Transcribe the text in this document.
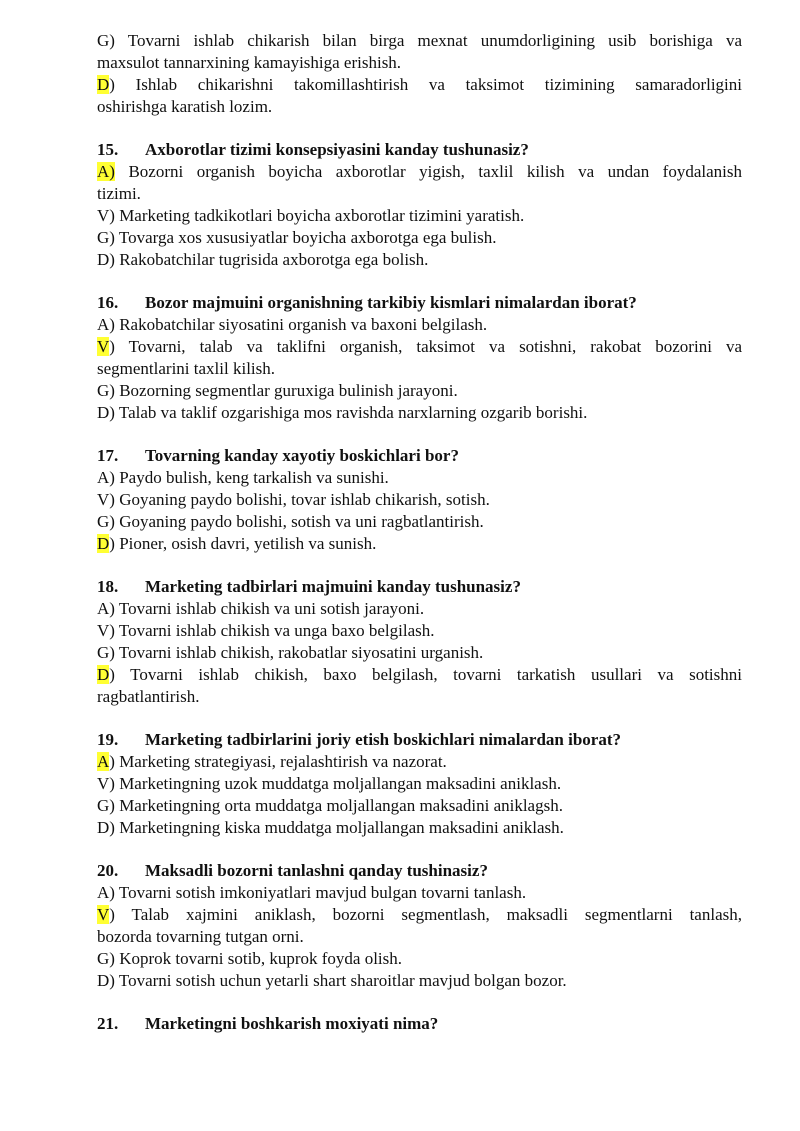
G) Tovarni ishlab chikarish bilan birga mexnat unumdorligining usib borishiga va

maxsulot tannarxining kamayishiga erishish.

D) Ishlab chikarishni takomillashtirish va taksimot tizimining samaradorligini

oshirishga karatish lozim.

15.	Axborotlar tizimi konsepsiyasini kanday tushunasiz?

A) Bozorni organish boyicha axborotlar yigish, taxlil kilish va undan foydalanish

tizimi.

V) Marketing tadkikotlari boyicha axborotlar tizimini yaratish.

G) Tovarga xos xususiyatlar boyicha axborotga ega bulish.

D) Rakobatchilar tugrisida axborotga ega bolish.

16.	Bozor majmuini organishning tarkibiy kismlari nimalardan iborat?

A) Rakobatchilar siyosatini organish va baxoni belgilash.

V) Tovarni, talab va taklifni organish, taksimot va sotishni, rakobat bozorini va

segmentlarini taxlil kilish.

G) Bozorning segmentlar guruxiga bulinish jarayoni.

D) Talab va taklif ozgarishiga mos ravishda narxlarning ozgarib borishi.

17.	Tovarning kanday xayotiy boskichlari bor?

A) Paydo bulish, keng tarkalish va sunishi.

V) Goyaning paydo bolishi, tovar ishlab chikarish, sotish.

G) Goyaning paydo bolishi, sotish va uni ragbatlantirish.

D) Pioner, osish davri, yetilish va sunish.

18.	Marketing tadbirlari majmuini kanday tushunasiz?

A) Tovarni ishlab chikish va uni sotish jarayoni.

V) Tovarni ishlab chikish va unga baxo belgilash.

G) Tovarni ishlab chikish, rakobatlar siyosatini urganish.

D) Tovarni ishlab chikish, baxo belgilash, tovarni tarkatish usullari va sotishni

ragbatlantirish.

19.	Marketing tadbirlarini joriy etish boskichlari nimalardan iborat?

A) Marketing strategiyasi, rejalashtirish va nazorat.

V) Marketingning uzok muddatga moljallangan maksadini aniklash.

G) Marketingning orta muddatga moljallangan maksadini aniklagsh.

D) Marketingning kiska muddatga moljallangan maksadini aniklash.

20.	Maksadli bozorni tanlashni qanday tushinasiz?

A) Tovarni sotish imkoniyatlari mavjud bulgan tovarni tanlash.

V) Talab xajmini aniklash, bozorni segmentlash, maksadli segmentlarni tanlash,

bozorda tovarning tutgan orni.

G) Koprok tovarni sotib, kuprok foyda olish.

D) Tovarni sotish uchun yetarli shart sharoitlar mavjud bolgan bozor.

21.	Marketingni boshkarish moxiyati nima?
